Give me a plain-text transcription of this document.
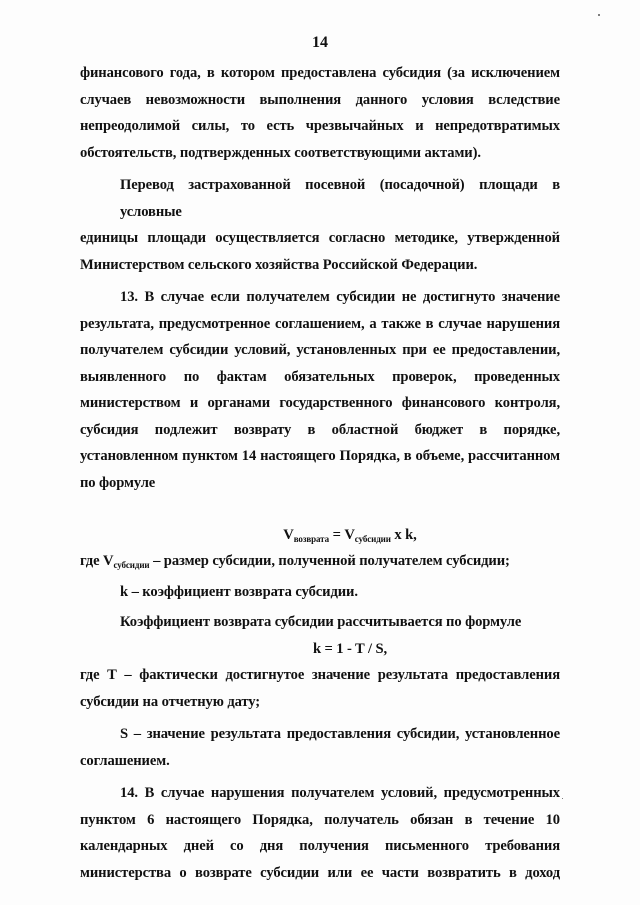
14
финансового года, в котором предоставлена субсидия (за исключением
случаев невозможности выполнения данного условия вследствие
непреодолимой силы, то есть чрезвычайных и непредотвратимых
обстоятельств, подтвержденных соответствующими актами).
Перевод застрахованной посевной (посадочной) площади в условные
единицы площади осуществляется согласно методике, утвержденной
Министерством сельского хозяйства Российской Федерации.
13. В случае если получателем субсидии не достигнуто значение
результата, предусмотренное соглашением, а также в случае нарушения
получателем субсидии условий, установленных при ее предоставлении,
выявленного по фактам обязательных проверок, проведенных
министерством и органами государственного финансового контроля,
субсидия подлежит возврату в областной бюджет в порядке,
установленном пунктом 14 настоящего Порядка, в объеме, рассчитанном
по формуле
$V_{возврата} = V_{субсидии}$ x k,
где $V_{субсидии}$ – размер субсидии, полученной получателем субсидии;
k – коэффициент возврата субсидии.
Коэффициент возврата субсидии рассчитывается по формуле
k = 1 - T / S,
где Т – фактически достигнутое значение результата предоставления
субсидии на отчетную дату;
S – значение результата предоставления субсидии, установленное
соглашением.
14. В случае нарушения получателем условий, предусмотренных
пунктом 6 настоящего Порядка, получатель обязан в течение 10
календарных дней со дня получения письменного требования
министерства о возврате субсидии или ее части возвратить в доход
